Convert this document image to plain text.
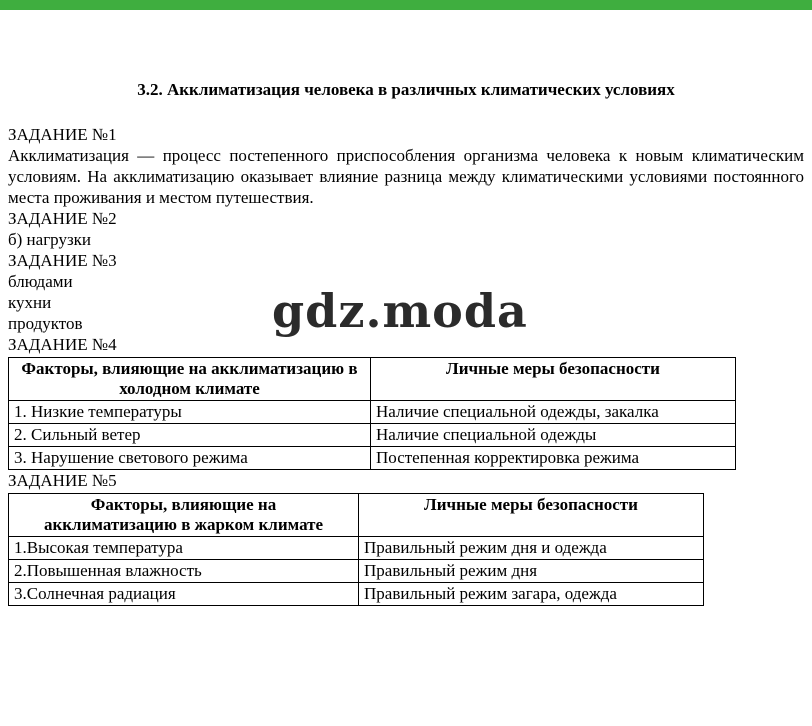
3.2. Акклиматизация человека в различных климатических условиях
ЗАДАНИЕ №1

Акклиматизация — процесс постепенного приспособления организма человека к новым климатическим условиям. На акклиматизацию оказывает влияние разница между климатическими условиями постоянного места проживания и местом путешествия.

ЗАДАНИЕ №2
б) нагрузки
ЗАДАНИЕ №3
блюдами
кухни
продуктов
ЗАДАНИЕ №4
Факторы, влияющие на акклиматизацию в холодном климате	Личные меры безопасности
1. Низкие температуры	Наличие специальной одежды, закалка
2. Сильный ветер	Наличие специальной одежды
3. Нарушение светового режима	Постепенная корректировка режима
ЗАДАНИЕ №5
Факторы, влияющие на акклиматизацию в жарком климате	Личные меры безопасности
1.Высокая температура	Правильный режим дня и одежда
2.Повышенная влажность	Правильный режим дня
3.Солнечная радиация	Правильный режим загара, одежда
gdz.moda
